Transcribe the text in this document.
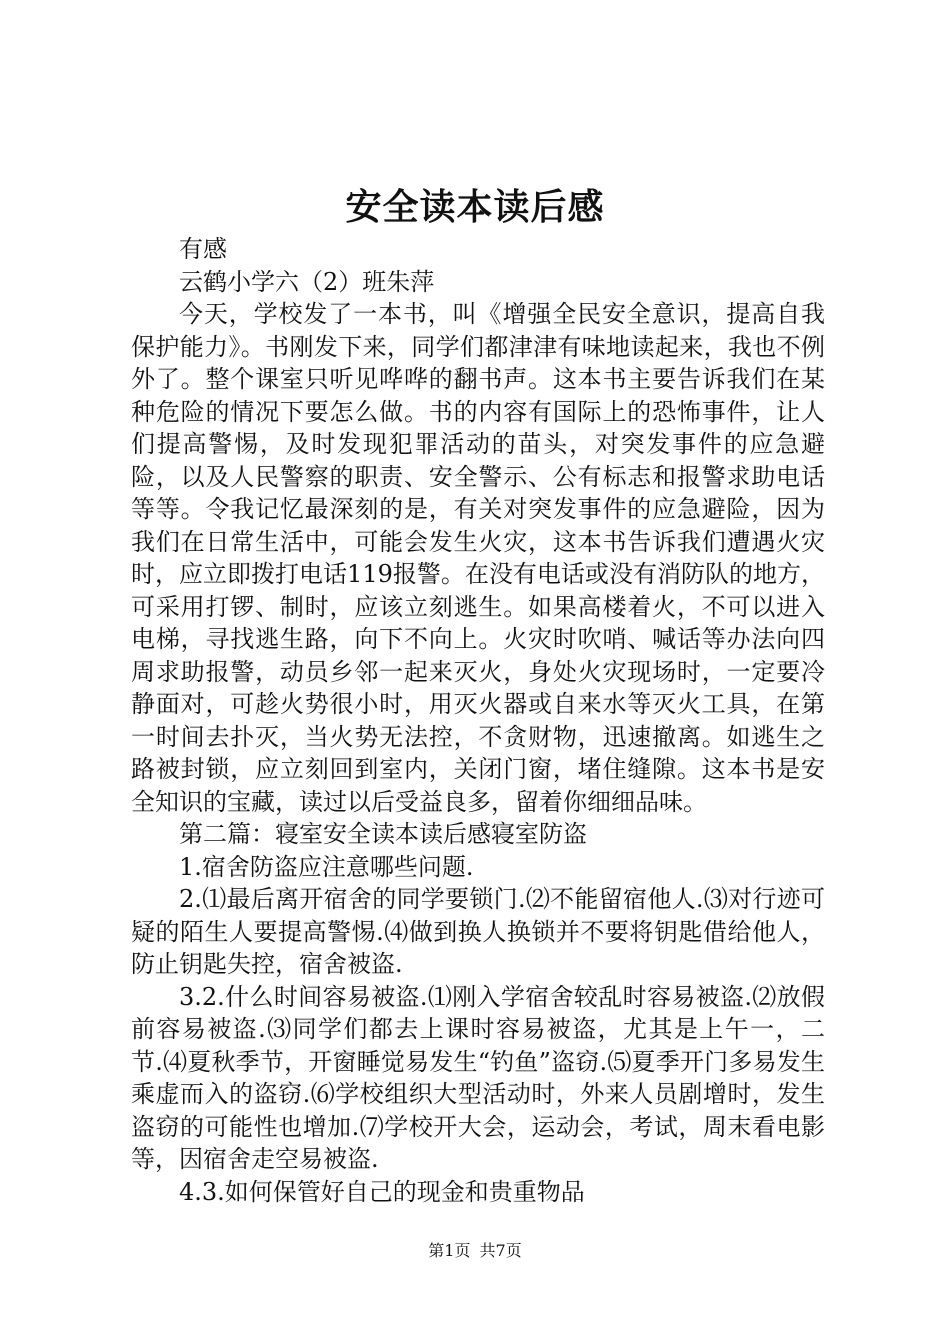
安全读本读后感

有感

云鹤小学六（2）班朱萍

今天，学校发了一本书，叫《增强全民安全意识，提高自我保护能力》。书刚发下来，同学们都津津有味地读起来，我也不例外了。整个课室只听见哗哗的翻书声。这本书主要告诉我们在某种危险的情况下要怎么做。书的内容有国际上的恐怖事件，让人们提高警惕，及时发现犯罪活动的苗头，对突发事件的应急避险，以及人民警察的职责、安全警示、公有标志和报警求助电话等等。令我记忆最深刻的是，有关对突发事件的应急避险，因为我们在日常生活中，可能会发生火灾，这本书告诉我们遭遇火灾时，应立即拨打电话119报警。在没有电话或没有消防队的地方，可采用打锣、制时，应该立刻逃生。如果高楼着火，不可以进入电梯，寻找逃生路，向下不向上。火灾时吹哨、喊话等办法向四周求助报警，动员乡邻一起来灭火，身处火灾现场时，一定要冷静面对，可趁火势很小时，用灭火器或自来水等灭火工具，在第一时间去扑灭，当火势无法控，不贪财物，迅速撤离。如逃生之路被封锁，应立刻回到室内，关闭门窗，堵住缝隙。这本书是安全知识的宝藏，读过以后受益良多，留着你细细品味。

第二篇：寝室安全读本读后感寝室防盗

1.宿舍防盗应注意哪些问题.

2.⑴最后离开宿舍的同学要锁门.⑵不能留宿他人.⑶对行迹可疑的陌生人要提高警惕.⑷做到换人换锁并不要将钥匙借给他人，防止钥匙失控，宿舍被盗.

3.2.什么时间容易被盗.⑴刚入学宿舍较乱时容易被盗.⑵放假前容易被盗.⑶同学们都去上课时容易被盗，尤其是上午一，二节.⑷夏秋季节，开窗睡觉易发生“钓鱼”盗窃.⑸夏季开门多易发生乘虚而入的盗窃.⑹学校组织大型活动时，外来人员剧增时，发生盗窃的可能性也增加.⑺学校开大会，运动会，考试，周末看电影等，因宿舍走空易被盗.

4.3.如何保管好自己的现金和贵重物品

第1页 共7页
